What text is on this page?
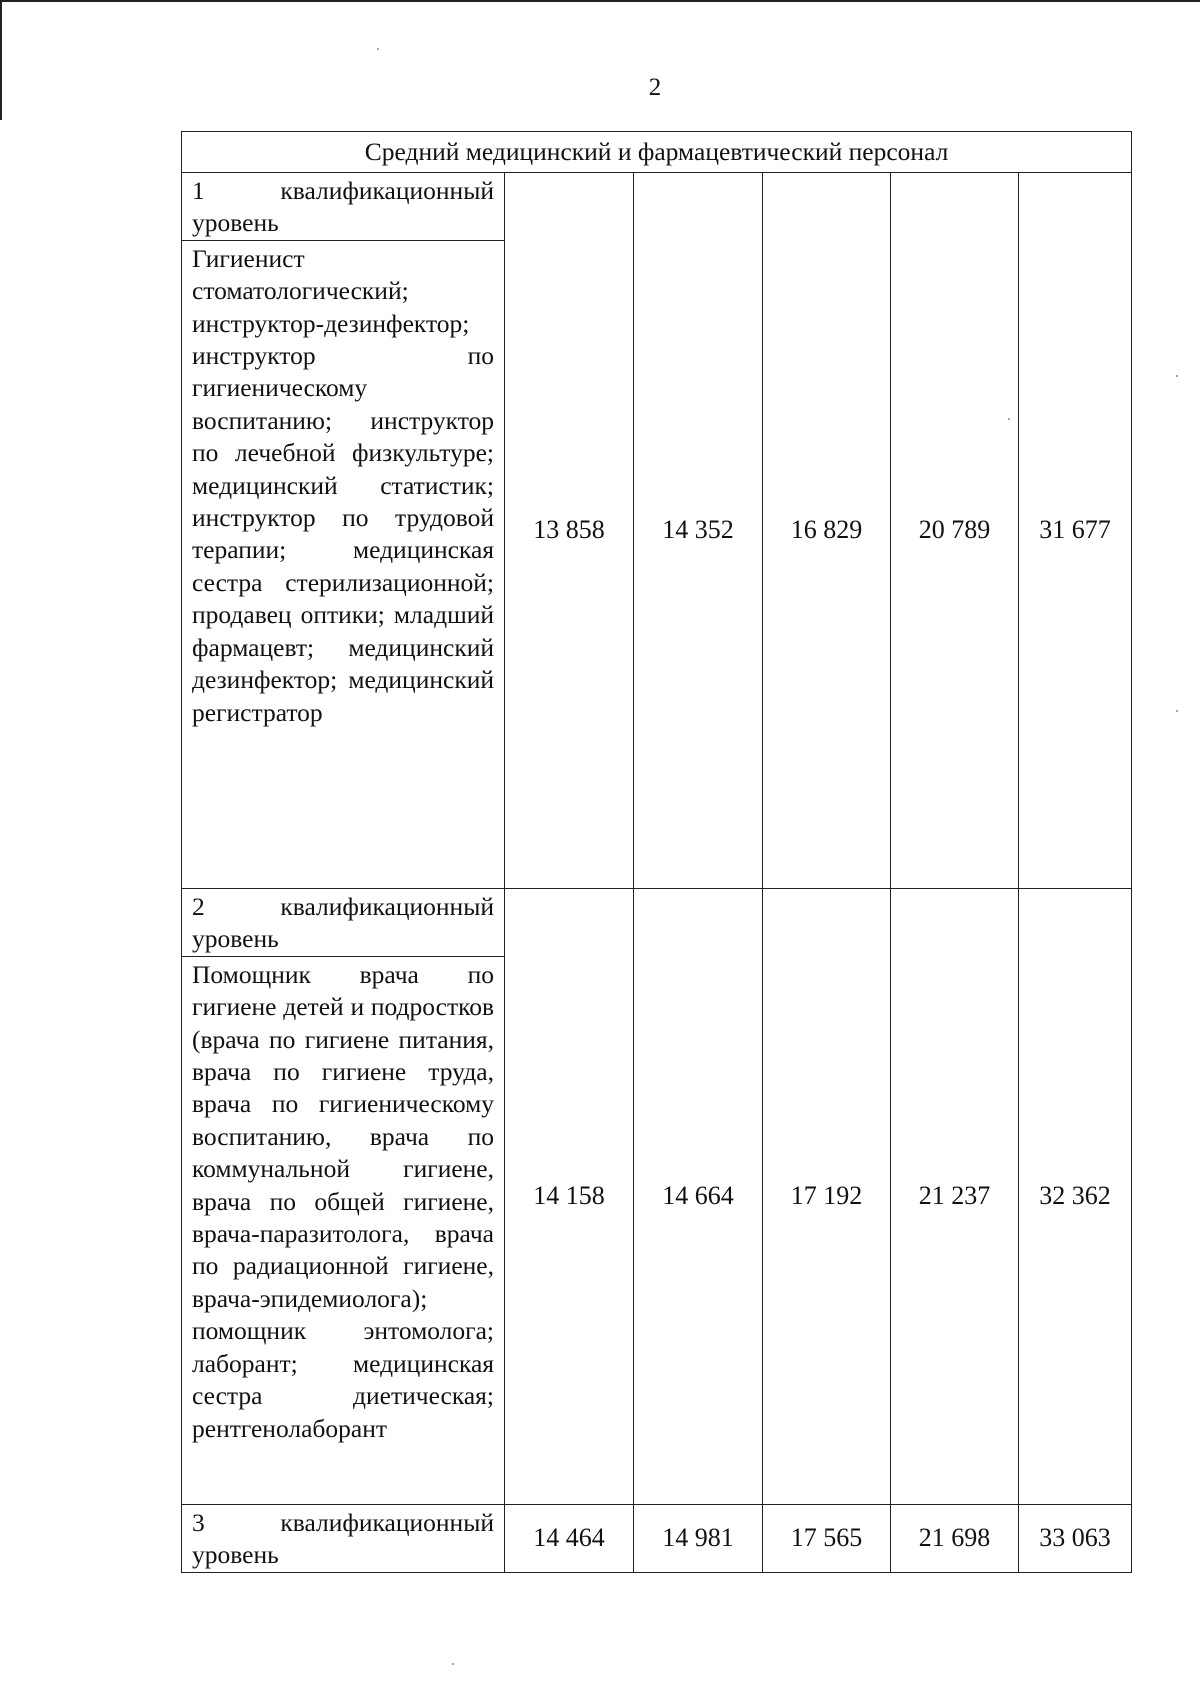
2
Средний медицинский и фармацевтический персонал					

1 квалификационный
уровень
Гигиенист стоматологический; инструктор-дезинфектор; инструктор по гигиеническому воспитанию; инструктор по лечебной физкультуре; медицинский статистик; инструктор по трудовой терапии; медицинская сестра стерилизационной; продавец оптики; младший фармацевт; медицинский дезинфектор; медицинский регистратор	13 858	14 352	16 829	20 789	31 677

2 квалификационный
уровень
Помощник врача по гигиене детей и подростков (врача по гигиене питания, врача по гигиене труда, врача по гигиеническому воспитанию, врача по коммунальной гигиене, врача по общей гигиене, врача-паразитолога, врача по радиационной гигиене, врача-эпидемиолога); помощник энтомолога; лаборант; медицинская сестра диетическая; рентгенолаборант	14 158	14 664	17 192	21 237	32 362

3 квалификационный
уровень	14 464	14 981	17 565	21 698	33 063
